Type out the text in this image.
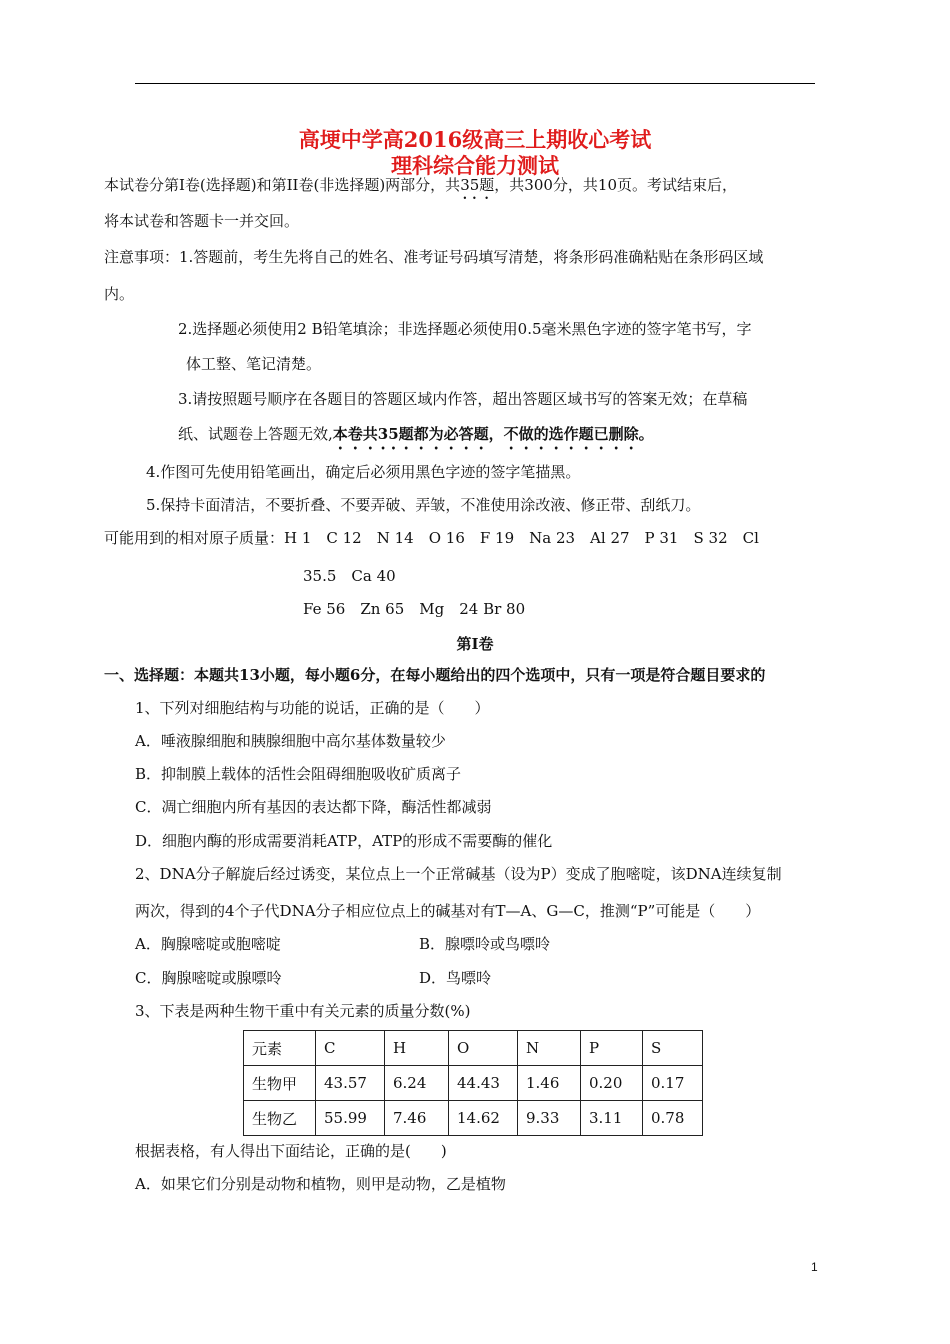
高埂中学高2016级高三上期收心考试
理科综合能力测试
本试卷分第Ⅰ卷(选择题)和第II卷(非选择题)两部分，共35题，共300分，共10页。考试结束后，
将本试卷和答题卡一并交回。
注意事项：1.答题前，考生先将自己的姓名、准考证号码填写清楚，将条形码准确粘贴在条形码区域
内。
2.选择题必须使用2 B铅笔填涂；非选择题必须使用0.5毫米黑色字迹的签字笔书写，字
体工整、笔记清楚。
3.请按照题号顺序在各题目的答题区域内作答，超出答题区域书写的答案无效；在草稿
纸、试题卷上答题无效,本卷共35题都为必答题，不做的选作题已删除。
4.作图可先使用铅笔画出，确定后必须用黑色字迹的签字笔描黑。
5.保持卡面清洁，不要折叠、不要弄破、弄皱，不准使用涂改液、修正带、刮纸刀。
可能用到的相对原子质量：H 1　C 12　N 14　O 16　F 19　Na 23　Al 27　P 31　S 32　Cl
35.5　Ca 40
Fe 56　Zn 65　Mg　24 Br 80
第Ⅰ卷
一、选择题：本题共13小题，每小题6分，在每小题给出的四个选项中，只有一项是符合题目要求的
1、下列对细胞结构与功能的说话，正确的是（　　）
A．唾液腺细胞和胰腺细胞中高尔基体数量较少
B．抑制膜上载体的活性会阻碍细胞吸收矿质离子
C．凋亡细胞内所有基因的表达都下降，酶活性都减弱
D．细胞内酶的形成需要消耗ATP，ATP的形成不需要酶的催化
2、DNA分子解旋后经过诱变，某位点上一个正常碱基（设为P）变成了胞嘧啶，该DNA连续复制
两次，得到的4个子代DNA分子相应位点上的碱基对有T—A、G—C，推测“P”可能是（　　）
A．胸腺嘧啶或胞嘧啶	B．腺嘌呤或鸟嘌呤
C．胸腺嘧啶或腺嘌呤	D．鸟嘌呤
3、下表是两种生物干重中有关元素的质量分数(%)
元素	C	H	O	N	P	S
生物甲	43.57	6.24	44.43	1.46	0.20	0.17
生物乙	55.99	7.46	14.62	9.33	3.11	0.78
根据表格，有人得出下面结论，正确的是(　　)
A．如果它们分别是动物和植物，则甲是动物，乙是植物
1
